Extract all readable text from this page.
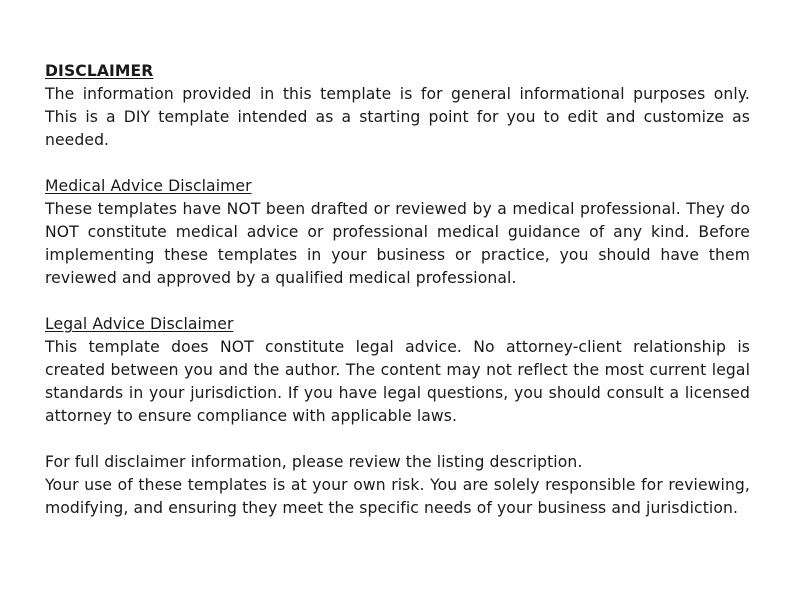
DISCLAIMER

The information provided in this template is for general informational purposes only. This is a DIY template intended as a starting point for you to edit and customize as needed.

Medical Advice Disclaimer

These templates have NOT been drafted or reviewed by a medical professional. They do NOT constitute medical advice or professional medical guidance of any kind. Before implementing these templates in your business or practice, you should have them reviewed and approved by a qualified medical professional.

Legal Advice Disclaimer

This template does NOT constitute legal advice. No attorney-client relationship is created between you and the author. The content may not reflect the most current legal standards in your jurisdiction. If you have legal questions, you should consult a licensed attorney to ensure compliance with applicable laws.

For full disclaimer information, please review the listing description.

Your use of these templates is at your own risk. You are solely responsible for reviewing, modifying, and ensuring they meet the specific needs of your business and jurisdiction.
